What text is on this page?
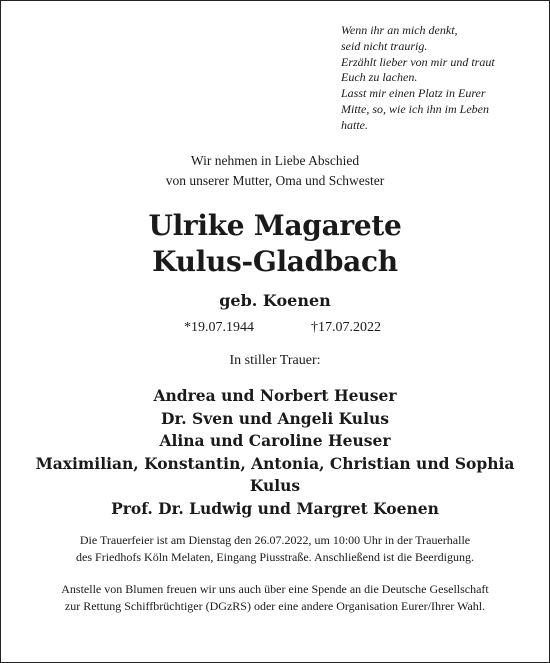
Wenn ihr an mich denkt,
seid nicht traurig.
Erzählt lieber von mir und traut
Euch zu lachen.
Lasst mir einen Platz in Eurer
Mitte, so, wie ich ihn im Leben
hatte.
Wir nehmen in Liebe Abschied
von unserer Mutter, Oma und Schwester
Ulrike Magarete
Kulus-Gladbach
geb. Koenen
*19.07.1944	†17.07.2022
In stiller Trauer:
Andrea und Norbert Heuser
Dr. Sven und Angeli Kulus
Alina und Caroline Heuser
Maximilian, Konstantin, Antonia, Christian und Sophia
Kulus
Prof. Dr. Ludwig und Margret Koenen
Die Trauerfeier ist am Dienstag den 26.07.2022, um 10:00 Uhr in der Trauerhalle
des Friedhofs Köln Melaten, Eingang Piusstraße. Anschließend ist die Beerdigung.
Anstelle von Blumen freuen wir uns auch über eine Spende an die Deutsche Gesellschaft
zur Rettung Schiffbrüchtiger (DGzRS) oder eine andere Organisation Eurer/Ihrer Wahl.
